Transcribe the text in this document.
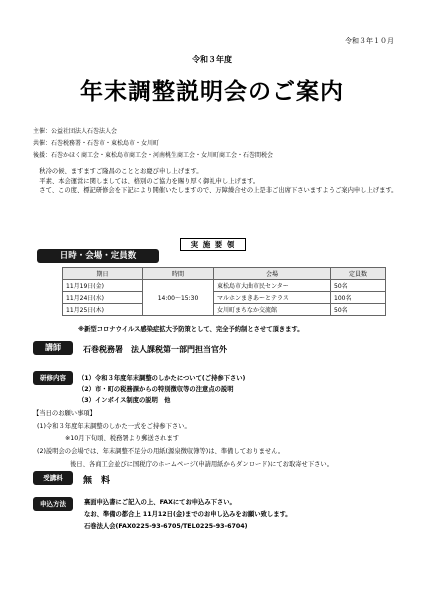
令和３年１０月
令和３年度
年末調整説明会のご案内
主催：公益社団法人石巻法人会
共催：石巻税務署・石巻市・東松島市・女川町
後援：石巻かほく商工会・東松島市商工会・河南桃生商工会・女川町商工会・石巻間税会

　秋冷の候、ますますご隆昌のこととお慶び申し上げます。

　平素、本会運営に関しましては、格別のご協力を賜り厚く御礼申し上げます。

　さて、この度、標記研修会を下記により開催いたしますので、万障繰合せの上是非ご出席下さいますようご案内申し上げます。

実 施 要 領
日時・会場・定員数
期日	時間	会場	定員数
11月19日(金)	14:00～15:30	東松島市大曲市民センター	50名
11月24日(水)		マルホンまきあーとテラス	100名
11月25日(木)		女川町まちなか交流館	50名
※新型コロナウイルス感染症拡大予防策として、完全予約制とさせて頂きます。
講師	石巻税務署　法人課税第一部門担当官外
研修内容	（1）令和３年度年末調整のしかたについて(ご持参下さい)
（2）市・町の税務課からの特別徴収等の注意点の説明
（3）インボイス制度の説明　他
【当日のお願い事項】
(1)令和３年度年末調整のしかた一式をご持参下さい。
※10月下旬頃、税務署より郵送されます
(2)説明会の会場では、年末調整不足分の用紙(源泉徴収簿等)は、準備しておりません。
後日、各商工会並びに国税庁のホームページ(申請用紙からダンロード)にてお取寄せ下さい。
受講料	無　料
申込方法	裏面申込書にご記入の上、FAXにてお申込み下さい。
なお、準備の都合上 11月12日(金)までのお申し込みをお願い致します。
石巻法人会(FAX0225-93-6705/TEL0225-93-6704)
